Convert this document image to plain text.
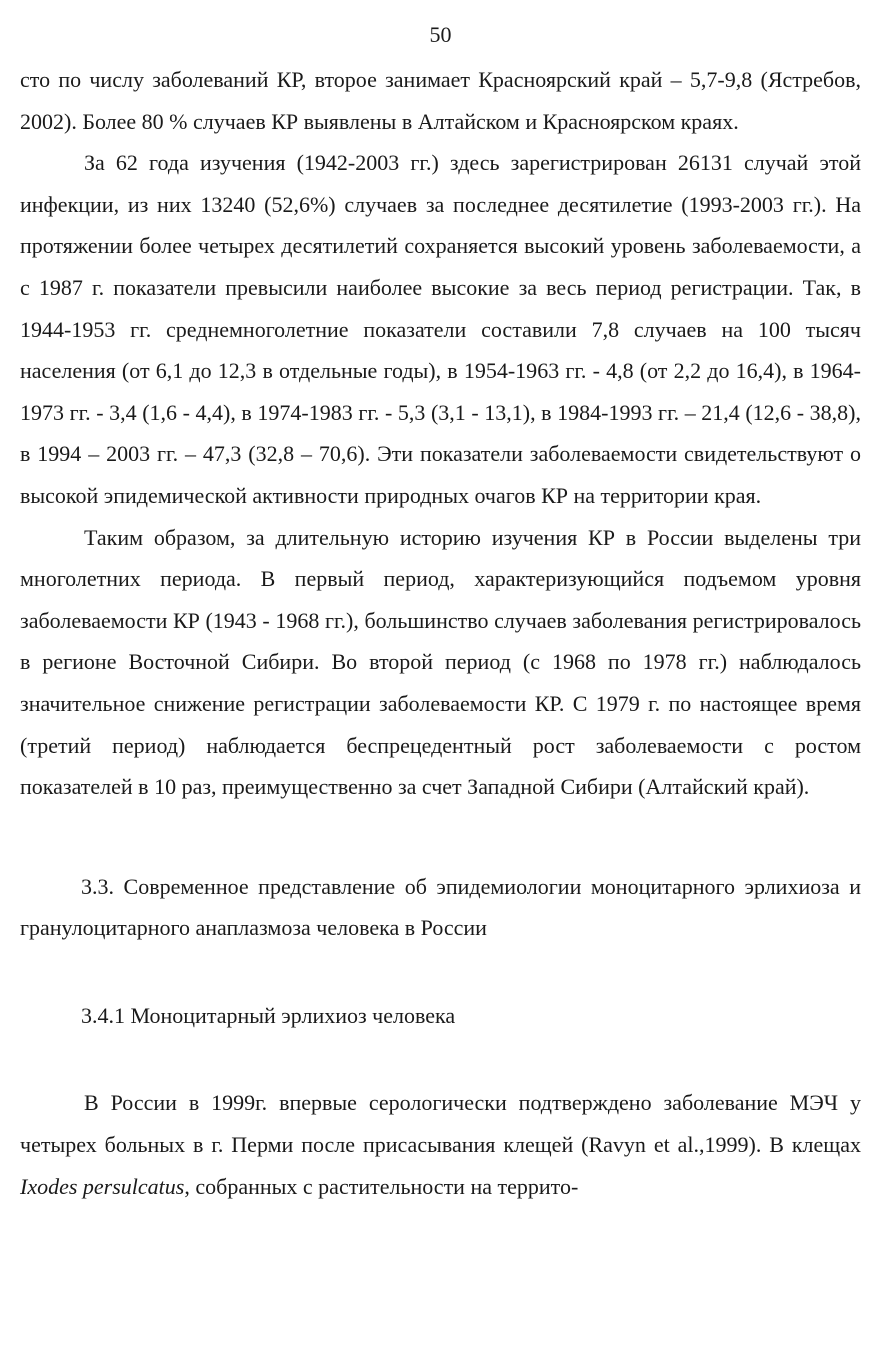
50

сто по числу заболеваний КР, второе занимает Красноярский край – 5,7-9,8 (Ястребов, 2002). Более 80 % случаев КР выявлены в Алтайском и Красноярском краях.

За 62 года изучения (1942-2003 гг.) здесь зарегистрирован 26131 случай этой инфекции, из них 13240 (52,6%) случаев за последнее десятилетие (1993-2003 гг.). На протяжении более четырех десятилетий сохраняется высокий уровень заболеваемости, а с 1987 г. показатели превысили наиболее высокие за весь период регистрации. Так, в 1944-1953 гг. среднемноголетние показатели составили 7,8 случаев на 100 тысяч населения (от 6,1 до 12,3 в отдельные годы), в 1954-1963 гг. - 4,8 (от 2,2 до 16,4), в 1964-1973 гг. - 3,4 (1,6 - 4,4), в 1974-1983 гг. - 5,3 (3,1 - 13,1), в 1984-1993 гг. – 21,4 (12,6 - 38,8), в 1994 – 2003 гг. – 47,3 (32,8 – 70,6). Эти показатели заболеваемости свидетельствуют о высокой эпидемической активности природных очагов КР на территории края.

Таким образом, за длительную историю изучения КР в России выделены три многолетних периода. В первый период, характеризующийся подъемом уровня заболеваемости КР (1943 - 1968 гг.), большинство случаев заболевания регистрировалось в регионе Восточной Сибири. Во второй период (с 1968 по 1978 гг.) наблюдалось значительное снижение регистрации заболеваемости КР. С 1979 г. по настоящее время (третий период) наблюдается беспрецедентный рост заболеваемости с ростом показателей в 10 раз, преимущественно за счет Западной Сибири (Алтайский край).

3.3. Современное представление об эпидемиологии моноцитарного эрлихиоза и гранулоцитарного анаплазмоза человека в России

3.4.1 Моноцитарный эрлихиоз человека

В России в 1999г. впервые серологически подтверждено заболевание МЭЧ у четырех больных в г. Перми после присасывания клещей (Ravyn et al.,1999). В клещах Ixodes persulcatus, собранных с растительности на террито-
